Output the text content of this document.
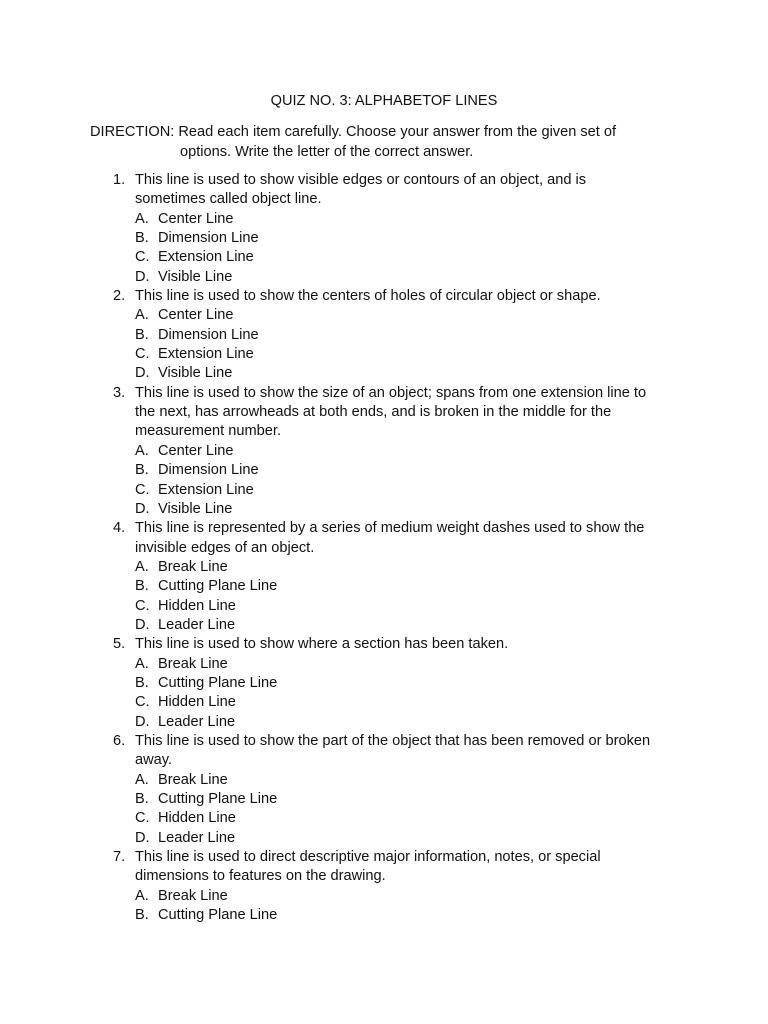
QUIZ NO. 3: ALPHABETOF LINES
DIRECTION: Read each item carefully. Choose your answer from the given set of
options. Write the letter of the correct answer.
1. This line is used to show visible edges or contours of an object, and is
sometimes called object line.
A. Center Line
B. Dimension Line
C. Extension Line
D. Visible Line
2. This line is used to show the centers of holes of circular object or shape.
A. Center Line
B. Dimension Line
C. Extension Line
D. Visible Line
3. This line is used to show the size of an object; spans from one extension line to
the next, has arrowheads at both ends, and is broken in the middle for the
measurement number.
A. Center Line
B. Dimension Line
C. Extension Line
D. Visible Line
4. This line is represented by a series of medium weight dashes used to show the
invisible edges of an object.
A. Break Line
B. Cutting Plane Line
C. Hidden Line
D. Leader Line
5. This line is used to show where a section has been taken.
A. Break Line
B. Cutting Plane Line
C. Hidden Line
D. Leader Line
6. This line is used to show the part of the object that has been removed or broken
away.
A. Break Line
B. Cutting Plane Line
C. Hidden Line
D. Leader Line
7. This line is used to direct descriptive major information, notes, or special
dimensions to features on the drawing.
A. Break Line
B. Cutting Plane Line
